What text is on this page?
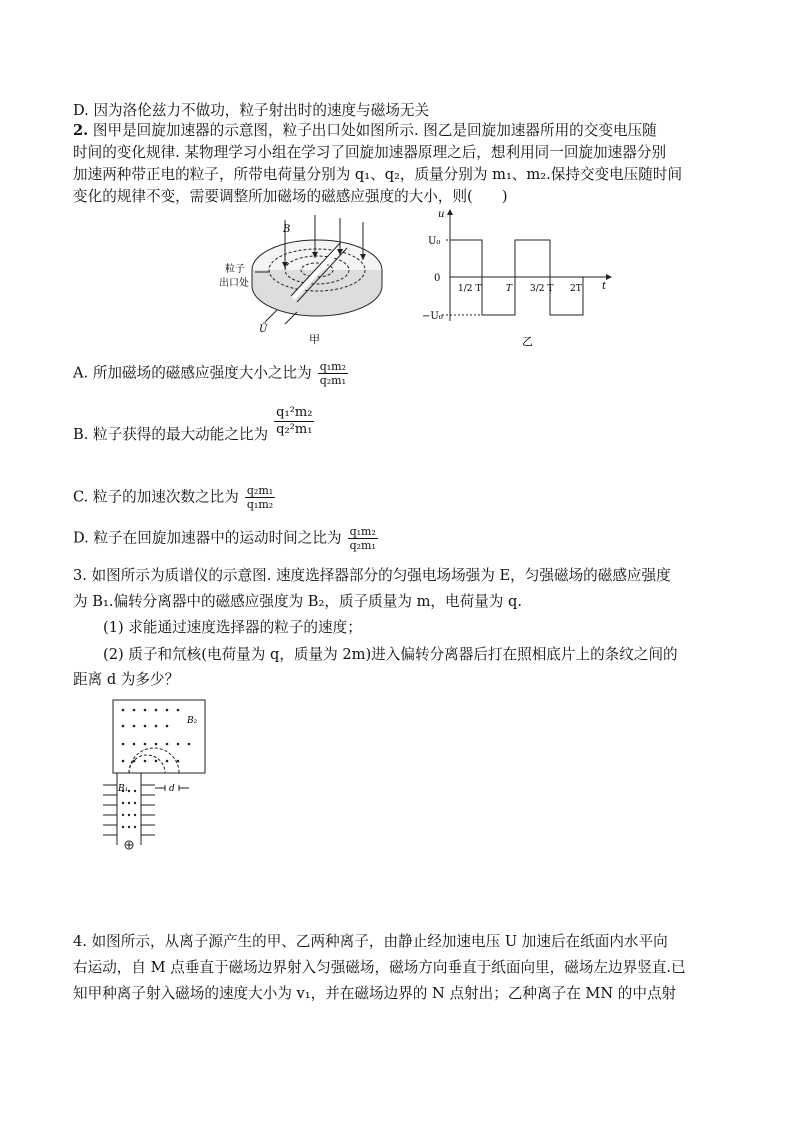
D. 因为洛伦兹力不做功，粒子射出时的速度与磁场无关
2. 图甲是回旋加速器的示意图，粒子出口处如图所示. 图乙是回旋加速器所用的交变电压随
时间的变化规律. 某物理学习小组在学习了回旋加速器原理之后，想利用同一回旋加速器分别
加速两种带正电的粒子，所带电荷量分别为 q₁、q₂，质量分别为 m₁、m₂.保持交变电压随时间
变化的规律不变，需要调整所加磁场的磁感应强度的大小，则(　　)
B
粒子
出口处
Ũ
甲
u
t
U₀
−U₀
0
1/2 T	T 3/2 T 2T
乙
A. 所加磁场的磁感应强度大小之比为 $\frac{\text{q₁m₂}}{\text{q₂m₁}}$
B. 粒子获得的最大动能之比为 $\frac{\text{q₁²m₂}}{\text{q₂²m₁}}$
C. 粒子的加速次数之比为 $\frac{\text{q₂m₁}}{\text{q₁m₂}}$
D. 粒子在回旋加速器中的运动时间之比为 $\frac{\text{q₁m₂}}{\text{q₂m₁}}$
3. 如图所示为质谱仪的示意图. 速度选择器部分的匀强电场场强为 E，匀强磁场的磁感应强度
为 B₁.偏转分离器中的磁感应强度为 B₂，质子质量为 m，电荷量为 q.
(1) 求能通过速度选择器的粒子的速度；
(2) 质子和氘核(电荷量为 q，质量为 2m)进入偏转分离器后打在照相底片上的条纹之间的
距离 d 为多少？
B₂
B₁	d
4. 如图所示，从离子源产生的甲、乙两种离子，由静止经加速电压 U 加速后在纸面内水平向
右运动，自 M 点垂直于磁场边界射入匀强磁场，磁场方向垂直于纸面向里，磁场左边界竖直.已
知甲种离子射入磁场的速度大小为 v₁，并在磁场边界的 N 点射出；乙种离子在 MN 的中点射
